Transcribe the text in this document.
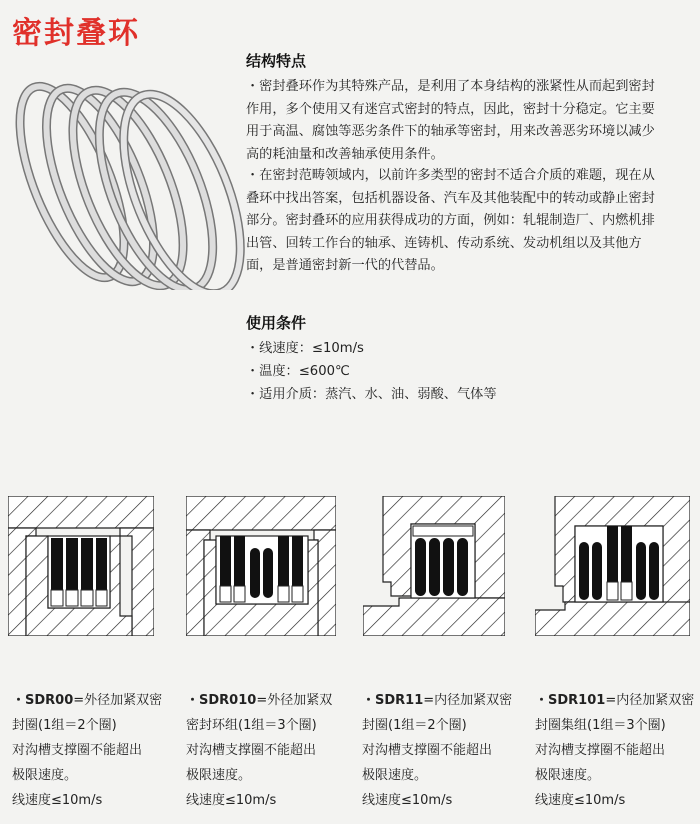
密封叠环
结构特点
・密封叠环作为其特殊产品，是利用了本身结构的涨紧性从而起到密封
作用，多个使用又有迷宫式密封的特点，因此，密封十分稳定。它主要
用于高温、腐蚀等恶劣条件下的轴承等密封，用来改善恶劣环境以减少
高的耗油量和改善轴承使用条件。
・在密封范畴领域内，以前许多类型的密封不适合介质的难题，现在从
叠环中找出答案，包括机器设备、汽车及其他装配中的转动或静止密封
部分。密封叠环的应用获得成功的方面，例如：轧辊制造厂、内燃机排
出管、回转工作台的轴承、连铸机、传动系统、发动机组以及其他方
面，是普通密封新一代的代替品。
使用条件
・线速度：≤10m/s
・温度：≤600℃
・适用介质：蒸汽、水、油、弱酸、气体等
・SDR00=外径加紧双密
封圈(1组＝2个圈)
对沟槽支撑圈不能超出
极限速度。
线速度≤10m/s
・SDR010=外径加紧双
密封环组(1组＝3个圈)
对沟槽支撑圈不能超出
极限速度。
线速度≤10m/s
・SDR11=内径加紧双密
封圈(1组＝2个圈)
对沟槽支撑圈不能超出
极限速度。
线速度≤10m/s
・SDR101=内径加紧双密
封圈集组(1组＝3个圈)
对沟槽支撑圈不能超出
极限速度。
线速度≤10m/s
